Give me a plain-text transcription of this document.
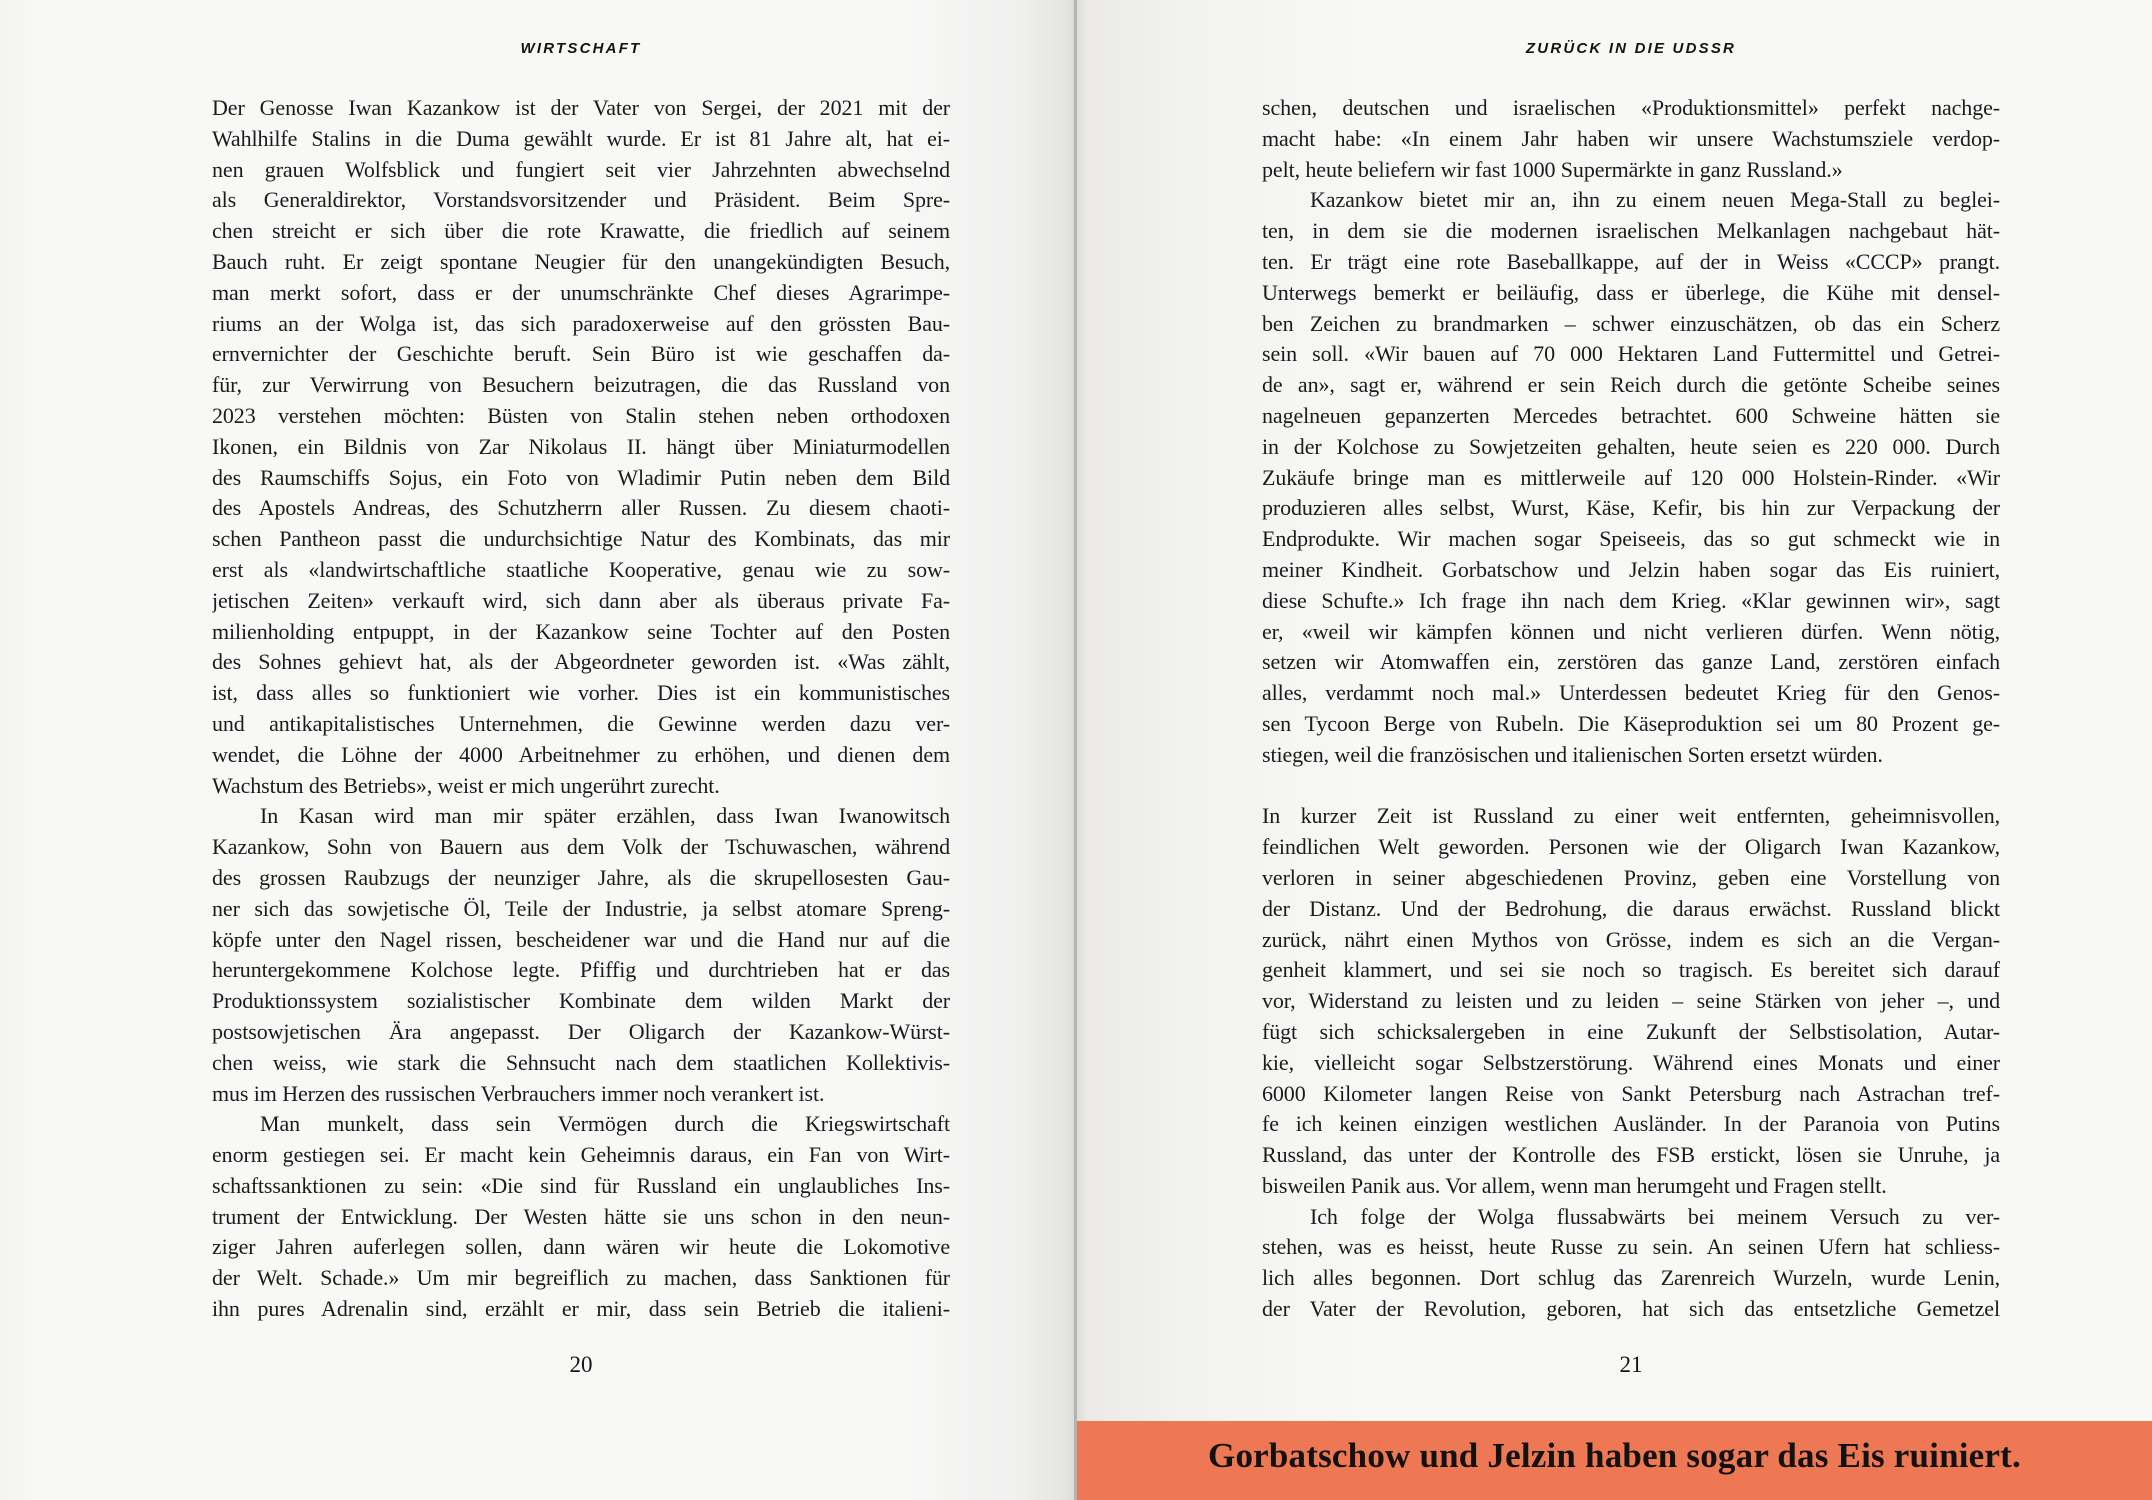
WIRTSCHAFT
Der Genosse Iwan Kazankow ist der Vater von Sergei, der 2021 mit der
Wahlhilfe Stalins in die Duma gewählt wurde. Er ist 81 Jahre alt, hat ei-
nen grauen Wolfsblick und fungiert seit vier Jahrzehnten abwechselnd
als Generaldirektor, Vorstandsvorsitzender und Präsident. Beim Spre-
chen streicht er sich über die rote Krawatte, die friedlich auf seinem
Bauch ruht. Er zeigt spontane Neugier für den unangekündigten Besuch,
man merkt sofort, dass er der unumschränkte Chef dieses Agrarimpe-
riums an der Wolga ist, das sich paradoxerweise auf den grössten Bau-
ernvernichter der Geschichte beruft. Sein Büro ist wie geschaffen da-
für, zur Verwirrung von Besuchern beizutragen, die das Russland von
2023 verstehen möchten: Büsten von Stalin stehen neben orthodoxen
Ikonen, ein Bildnis von Zar Nikolaus II. hängt über Miniaturmodellen
des Raumschiffs Sojus, ein Foto von Wladimir Putin neben dem Bild
des Apostels Andreas, des Schutzherrn aller Russen. Zu diesem chaoti-
schen Pantheon passt die undurchsichtige Natur des Kombinats, das mir
erst als «landwirtschaftliche staatliche Kooperative, genau wie zu sow-
jetischen Zeiten» verkauft wird, sich dann aber als überaus private Fa-
milienholding entpuppt, in der Kazankow seine Tochter auf den Posten
des Sohnes gehievt hat, als der Abgeordneter geworden ist. «Was zählt,
ist, dass alles so funktioniert wie vorher. Dies ist ein kommunistisches
und antikapitalistisches Unternehmen, die Gewinne werden dazu ver-
wendet, die Löhne der 4000 Arbeitnehmer zu erhöhen, und dienen dem
Wachstum des Betriebs», weist er mich ungerührt zurecht.
In Kasan wird man mir später erzählen, dass Iwan Iwanowitsch
Kazankow, Sohn von Bauern aus dem Volk der Tschuwaschen, während
des grossen Raubzugs der neunziger Jahre, als die skrupellosesten Gau-
ner sich das sowjetische Öl, Teile der Industrie, ja selbst atomare Spreng-
köpfe unter den Nagel rissen, bescheidener war und die Hand nur auf die
heruntergekommene Kolchose legte. Pfiffig und durchtrieben hat er das
Produktionssystem sozialistischer Kombinate dem wilden Markt der
postsowjetischen Ära angepasst. Der Oligarch der Kazankow-Würst-
chen weiss, wie stark die Sehnsucht nach dem staatlichen Kollektivis-
mus im Herzen des russischen Verbrauchers immer noch verankert ist.
Man munkelt, dass sein Vermögen durch die Kriegswirtschaft
enorm gestiegen sei. Er macht kein Geheimnis daraus, ein Fan von Wirt-
schaftssanktionen zu sein: «Die sind für Russland ein unglaubliches Ins-
trument der Entwicklung. Der Westen hätte sie uns schon in den neun-
ziger Jahren auferlegen sollen, dann wären wir heute die Lokomotive
der Welt. Schade.» Um mir begreiflich zu machen, dass Sanktionen für
ihn pures Adrenalin sind, erzählt er mir, dass sein Betrieb die italieni-
20
ZURÜCK IN DIE UDSSR
schen, deutschen und israelischen «Produktionsmittel» perfekt nachge-
macht habe: «In einem Jahr haben wir unsere Wachstumsziele verdop-
pelt, heute beliefern wir fast 1000 Supermärkte in ganz Russland.»
Kazankow bietet mir an, ihn zu einem neuen Mega-Stall zu beglei-
ten, in dem sie die modernen israelischen Melkanlagen nachgebaut hät-
ten. Er trägt eine rote Baseballkappe, auf der in Weiss «CCCP» prangt.
Unterwegs bemerkt er beiläufig, dass er überlege, die Kühe mit densel-
ben Zeichen zu brandmarken – schwer einzuschätzen, ob das ein Scherz
sein soll. «Wir bauen auf 70 000 Hektaren Land Futtermittel und Getrei-
de an», sagt er, während er sein Reich durch die getönte Scheibe seines
nagelneuen gepanzerten Mercedes betrachtet. 600 Schweine hätten sie
in der Kolchose zu Sowjetzeiten gehalten, heute seien es 220 000. Durch
Zukäufe bringe man es mittlerweile auf 120 000 Holstein-Rinder. «Wir
produzieren alles selbst, Wurst, Käse, Kefir, bis hin zur Verpackung der
Endprodukte. Wir machen sogar Speiseeis, das so gut schmeckt wie in
meiner Kindheit. Gorbatschow und Jelzin haben sogar das Eis ruiniert,
diese Schufte.» Ich frage ihn nach dem Krieg. «Klar gewinnen wir», sagt
er, «weil wir kämpfen können und nicht verlieren dürfen. Wenn nötig,
setzen wir Atomwaffen ein, zerstören das ganze Land, zerstören einfach
alles, verdammt noch mal.» Unterdessen bedeutet Krieg für den Genos-
sen Tycoon Berge von Rubeln. Die Käseproduktion sei um 80 Prozent ge-
stiegen, weil die französischen und italienischen Sorten ersetzt würden.
In kurzer Zeit ist Russland zu einer weit entfernten, geheimnisvollen,
feindlichen Welt geworden. Personen wie der Oligarch Iwan Kazankow,
verloren in seiner abgeschiedenen Provinz, geben eine Vorstellung von
der Distanz. Und der Bedrohung, die daraus erwächst. Russland blickt
zurück, nährt einen Mythos von Grösse, indem es sich an die Vergan-
genheit klammert, und sei sie noch so tragisch. Es bereitet sich darauf
vor, Widerstand zu leisten und zu leiden – seine Stärken von jeher –, und
fügt sich schicksalergeben in eine Zukunft der Selbstisolation, Autar-
kie, vielleicht sogar Selbstzerstörung. Während eines Monats und einer
6000 Kilometer langen Reise von Sankt Petersburg nach Astrachan tref-
fe ich keinen einzigen westlichen Ausländer. In der Paranoia von Putins
Russland, das unter der Kontrolle des FSB erstickt, lösen sie Unruhe, ja
bisweilen Panik aus. Vor allem, wenn man herumgeht und Fragen stellt.
Ich folge der Wolga flussabwärts bei meinem Versuch zu ver-
stehen, was es heisst, heute Russe zu sein. An seinen Ufern hat schliess-
lich alles begonnen. Dort schlug das Zarenreich Wurzeln, wurde Lenin,
der Vater der Revolution, geboren, hat sich das entsetzliche Gemetzel
21
Gorbatschow und Jelzin haben sogar das Eis ruiniert.
